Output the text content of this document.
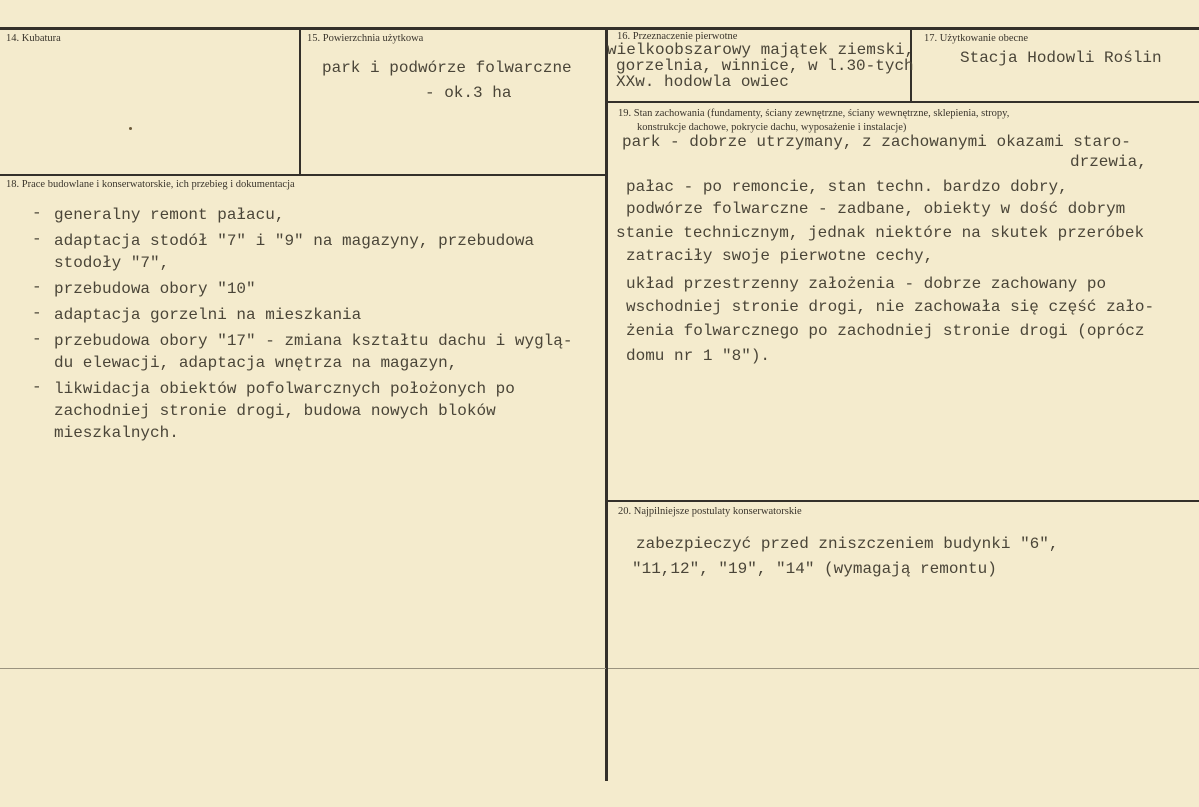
14. Kubatura	15. Powierzchnia użytkowa
park i podwórze folwarczne
- ok.3 ha
16. Przeznaczenie pierwotne
wielkoobszarowy majątek ziemski,
gorzelnia, winnice, w l.30-tych
XXw. hodowla owiec
17. Użytkowanie obecne
Stacja Hodowli Roślin
18. Prace budowlane i konserwatorskie, ich przebieg i dokumentacja
- generalny remont pałacu,
- adaptacja stodół "7" i "9" na magazyny, przebudowa
stodoły "7",
- przebudowa obory "10"
- adaptacja gorzelni na mieszkania
- przebudowa obory "17" - zmiana kształtu dachu i wyglą-
du elewacji, adaptacja wnętrza na magazyn,
- likwidacja obiektów pofolwarcznych położonych po
zachodniej stronie drogi, budowa nowych bloków
mieszkalnych.
19. Stan zachowania (fundamenty, ściany zewnętrzne, ściany wewnętrzne, sklepienia, stropy,
konstrukcje dachowe, pokrycie dachu, wyposażenie i instalacje)
park - dobrze utrzymany, z zachowanymi okazami staro-
drzewia,
pałac - po remoncie, stan techn. bardzo dobry,
podwórze folwarczne - zadbane, obiekty w dość dobrym
stanie technicznym, jednak niektóre na skutek przeróbek
zatraciły swoje pierwotne cechy,
układ przestrzenny założenia - dobrze zachowany po
wschodniej stronie drogi, nie zachowała się część zało-
żenia folwarcznego po zachodniej stronie drogi (oprócz
domu nr 1 "8").
20. Najpilniejsze postulaty konserwatorskie
zabezpieczyć przed zniszczeniem budynki "6",
"11,12", "19", "14" (wymagają remontu)
